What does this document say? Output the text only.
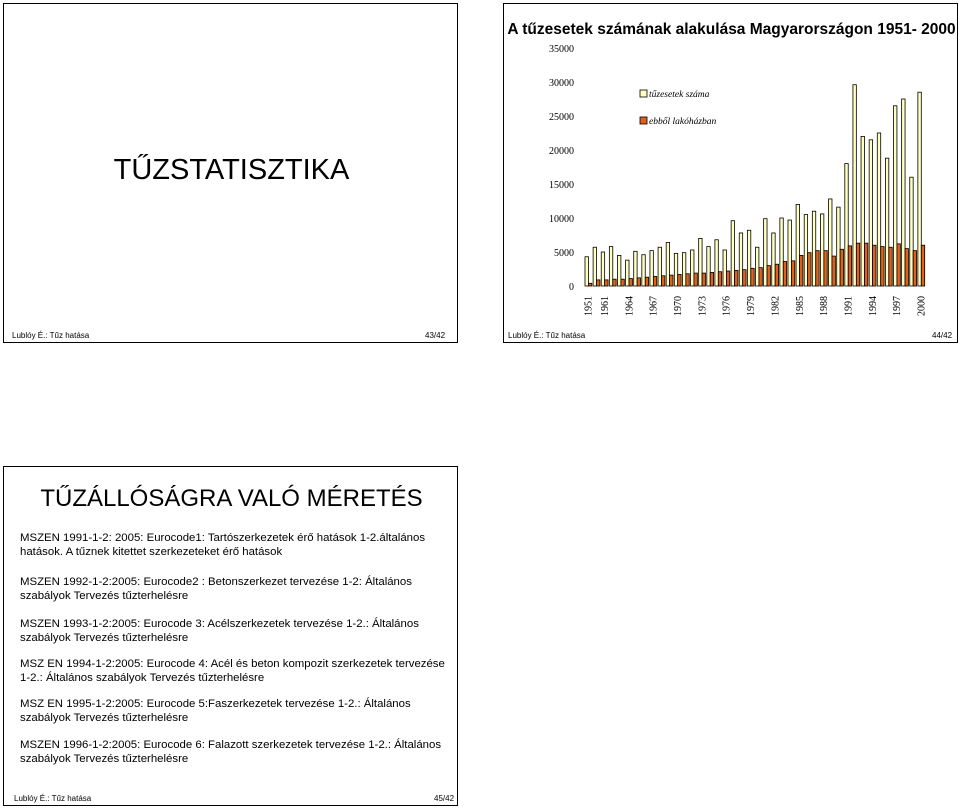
TŰZSTATISZTIKA
Lublóy É.: Tűz hatása	43/42
A tűzesetek számának alakulása Magyarországon 1951- 2000
0
5000
10000
15000
20000
25000
30000
35000
1951 1961 1964 1967 1970 1973 1976 1979 1982 1985 1988 1991 1994 1997 2000
tűzesetek száma
ebből lakóházban
Lublóy É.: Tűz hatása	44/42
TŰZÁLLÓSÁGRA VALÓ MÉRETÉS
MSZEN 1991-1-2: 2005: Eurocode1: Tartószerkezetek érő hatások 1-2.általános hatások. A tűznek kitettet szerkezeteket érő hatások
MSZEN 1992-1-2:2005: Eurocode2 : Betonszerkezet tervezése 1-2: Általános szabályok Tervezés tűzterhelésre
MSZEN 1993-1-2:2005: Eurocode 3: Acélszerkezetek tervezése 1-2.: Általános szabályok Tervezés tűzterhelésre
MSZ EN 1994-1-2:2005: Eurocode 4: Acél és beton kompozit szerkezetek tervezése 1-2.: Általános szabályok Tervezés tűzterhelésre
MSZ EN 1995-1-2:2005: Eurocode 5:Faszerkezetek tervezése 1-2.: Általános szabályok Tervezés tűzterhelésre
MSZEN 1996-1-2:2005: Eurocode 6: Falazott szerkezetek tervezése 1-2.: Általános szabályok Tervezés tűzterhelésre
Lublóy É.: Tűz hatása	45/42
